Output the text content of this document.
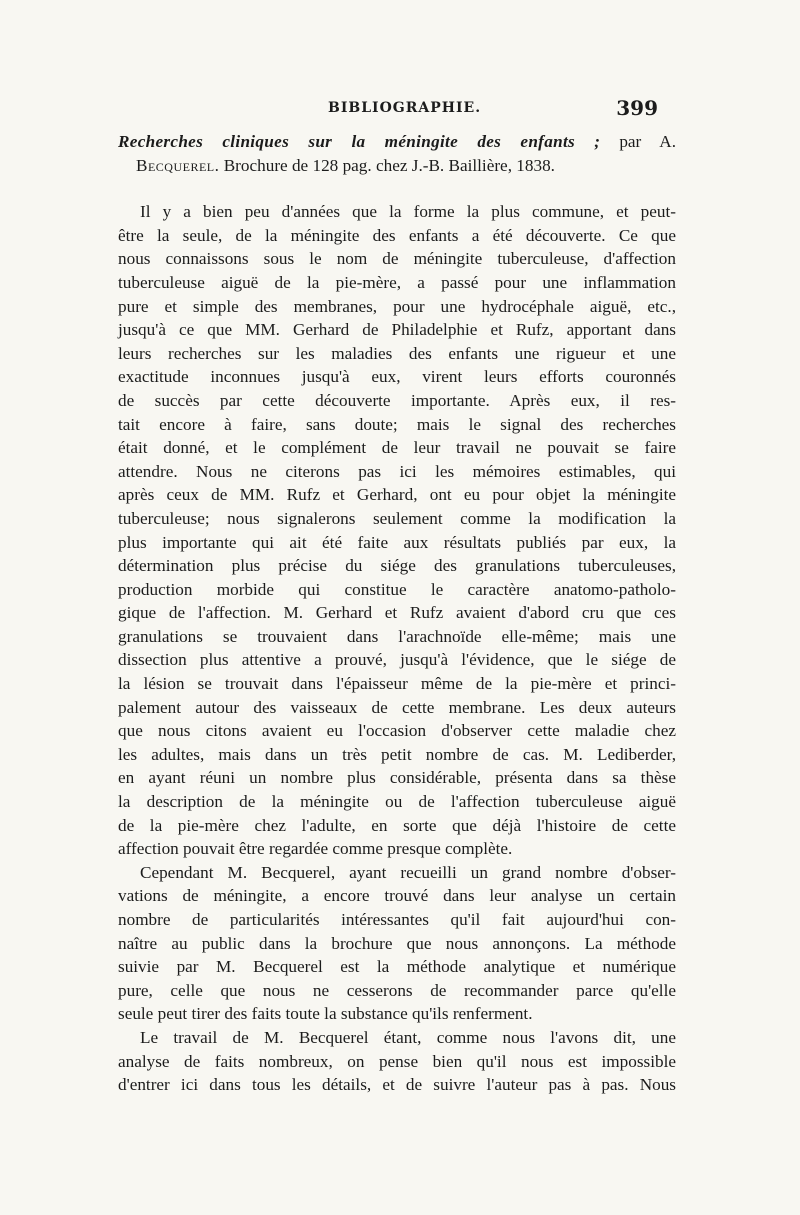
BIBLIOGRAPHIE.	399
Recherches cliniques sur la méningite des enfants ; par A.
Becquerel. Brochure de 128 pag. chez J.-B. Baillière, 1838.

Il y a bien peu d'années que la forme la plus commune, et peut-
être la seule, de la méningite des enfants a été découverte. Ce que
nous connaissons sous le nom de méningite tuberculeuse, d'affection
tuberculeuse aiguë de la pie-mère, a passé pour une inflammation
pure et simple des membranes, pour une hydrocéphale aiguë, etc.,
jusqu'à ce que MM. Gerhard de Philadelphie et Rufz, apportant dans
leurs recherches sur les maladies des enfants une rigueur et une
exactitude inconnues jusqu'à eux, virent leurs efforts couronnés
de succès par cette découverte importante. Après eux, il res-
tait encore à faire, sans doute; mais le signal des recherches
était donné, et le complément de leur travail ne pouvait se faire
attendre. Nous ne citerons pas ici les mémoires estimables, qui
après ceux de MM. Rufz et Gerhard, ont eu pour objet la méningite
tuberculeuse; nous signalerons seulement comme la modification la
plus importante qui ait été faite aux résultats publiés par eux, la
détermination plus précise du siége des granulations tuberculeuses,
production morbide qui constitue le caractère anatomo-patholo-
gique de l'affection. M. Gerhard et Rufz avaient d'abord cru que ces
granulations se trouvaient dans l'arachnoïde elle-même; mais une
dissection plus attentive a prouvé, jusqu'à l'évidence, que le siége de
la lésion se trouvait dans l'épaisseur même de la pie-mère et princi-
palement autour des vaisseaux de cette membrane. Les deux auteurs
que nous citons avaient eu l'occasion d'observer cette maladie chez
les adultes, mais dans un très petit nombre de cas. M. Lediberder,
en ayant réuni un nombre plus considérable, présenta dans sa thèse
la description de la méningite ou de l'affection tuberculeuse aiguë
de la pie-mère chez l'adulte, en sorte que déjà l'histoire de cette
affection pouvait être regardée comme presque complète.

Cependant M. Becquerel, ayant recueilli un grand nombre d'obser-
vations de méningite, a encore trouvé dans leur analyse un certain
nombre de particularités intéressantes qu'il fait aujourd'hui con-
naître au public dans la brochure que nous annonçons. La méthode
suivie par M. Becquerel est la méthode analytique et numérique
pure, celle que nous ne cesserons de recommander parce qu'elle
seule peut tirer des faits toute la substance qu'ils renferment.

Le travail de M. Becquerel étant, comme nous l'avons dit, une
analyse de faits nombreux, on pense bien qu'il nous est impossible
d'entrer ici dans tous les détails, et de suivre l'auteur pas à pas. Nous
